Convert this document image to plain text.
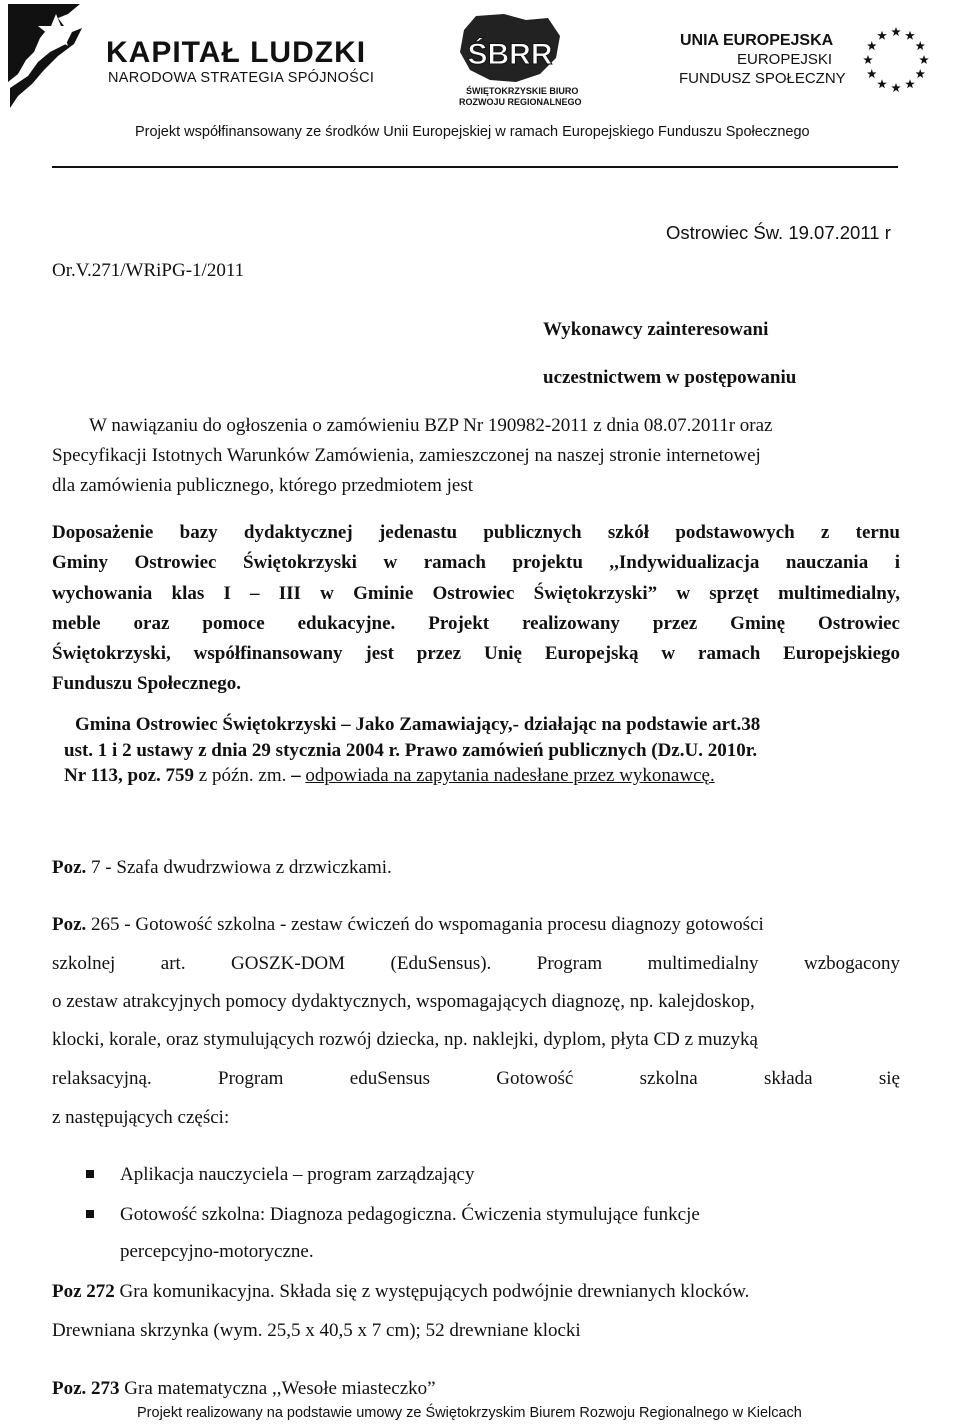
KAPITAŁ LUDZKI
NARODOWA STRATEGIA SPÓJNOŚCI
ŚBRR
ŚWIĘTOKRZYSKIE BIURO
ROZWOJU REGIONALNEGO
UNIA EUROPEJSKA
EUROPEJSKI
FUNDUSZ SPOŁECZNY
Projekt współfinansowany ze środków Unii Europejskiej w ramach Europejskiego Funduszu Społecznego
Ostrowiec Św. 19.07.2011 r
Or.V.271/WRiPG-1/2011
Wykonawcy zainteresowani
uczestnictwem w postępowaniu
W nawiązaniu do ogłoszenia o zamówieniu BZP Nr 190982-2011 z dnia 08.07.2011r oraz
Specyfikacji Istotnych Warunków Zamówienia, zamieszczonej na naszej stronie internetowej
dla zamówienia publicznego, którego przedmiotem jest
Doposażenie bazy dydaktycznej jedenastu publicznych szkół podstawowych z ternu
Gminy Ostrowiec Świętokrzyski w ramach projektu ,,Indywidualizacja nauczania i
wychowania klas I – III w Gminie Ostrowiec Świętokrzyski” w sprzęt multimedialny,
meble oraz pomoce edukacyjne. Projekt realizowany przez Gminę Ostrowiec
Świętokrzyski, współfinansowany jest przez Unię Europejską w ramach Europejskiego
Funduszu Społecznego.
Gmina Ostrowiec Świętokrzyski – Jako Zamawiający,- działając na podstawie art.38
ust. 1 i 2 ustawy z dnia 29 stycznia 2004 r. Prawo zamówień publicznych (Dz.U. 2010r.
Nr 113, poz. 759 z późn. zm. – odpowiada na zapytania nadesłane przez wykonawcę.
Poz. 7 - Szafa dwudrzwiowa z drzwiczkami.
Poz. 265 - Gotowość szkolna - zestaw ćwiczeń do wspomagania procesu diagnozy gotowości
szkolnej art. GOSZK-DOM (EduSensus). Program multimedialny wzbogacony
o zestaw atrakcyjnych pomocy dydaktycznych, wspomagających diagnozę, np. kalejdoskop,
klocki, korale, oraz stymulujących rozwój dziecka, np. naklejki, dyplom, płyta CD z muzyką
relaksacyjną. Program eduSensus Gotowość szkolna składa się
z następujących części:
Aplikacja nauczyciela – program zarządzający
Gotowość szkolna: Diagnoza pedagogiczna. Ćwiczenia stymulujące funkcje
percepcyjno-motoryczne.
Poz 272 Gra komunikacyjna. Składa się z występujących podwójnie drewnianych klocków.
Drewniana skrzynka (wym. 25,5 x 40,5 x 7 cm); 52 drewniane klocki
Poz. 273 Gra matematyczna ,,Wesołe miasteczko”
Projekt realizowany na podstawie umowy ze Świętokrzyskim Biurem Rozwoju Regionalnego w Kielcach
